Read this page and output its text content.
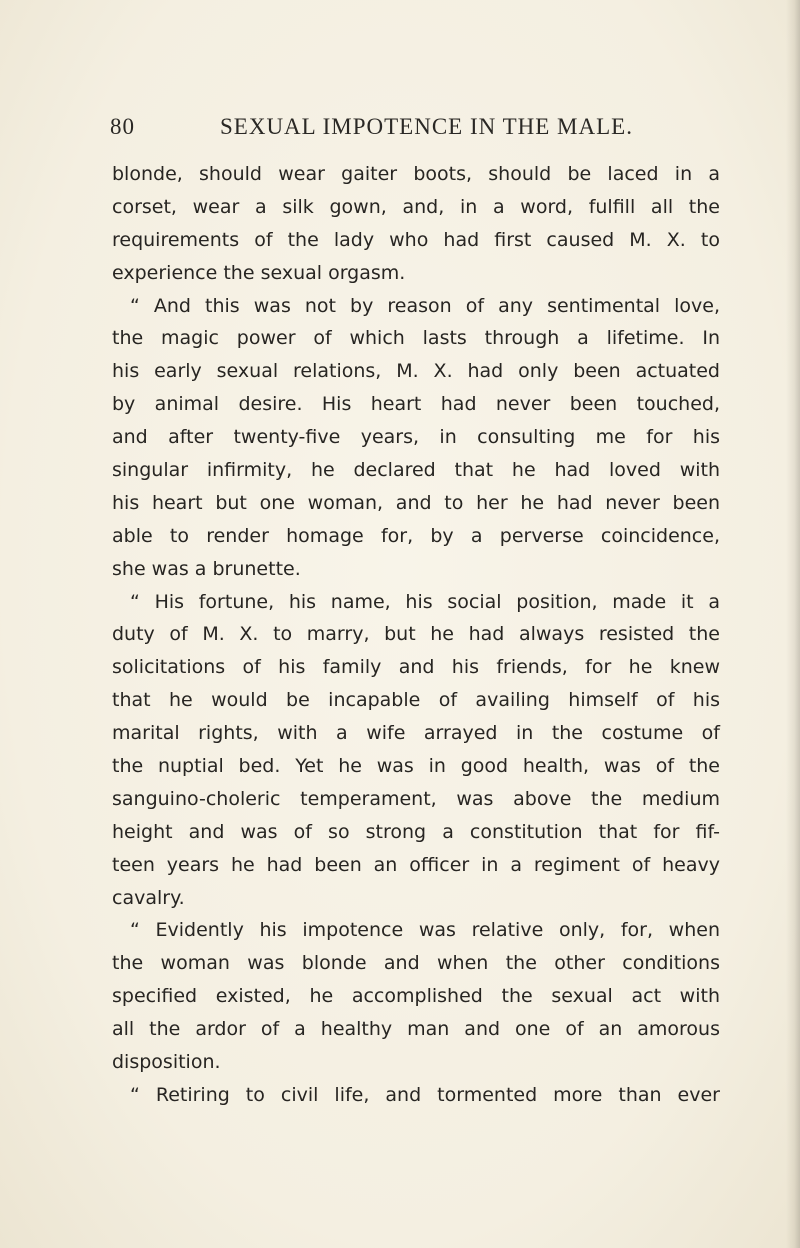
80	SEXUAL IMPOTENCE IN THE MALE.
blonde, should wear gaiter boots, should be laced in a
corset, wear a silk gown, and, in a word, fulfill all the
requirements of the lady who had first caused M. X. to
experience the sexual orgasm.
“ And this was not by reason of any sentimental love,
the magic power of which lasts through a lifetime. In
his early sexual relations, M. X. had only been actuated
by animal desire. His heart had never been touched,
and after twenty-five years, in consulting me for his
singular infirmity, he declared that he had loved with
his heart but one woman, and to her he had never been
able to render homage for, by a perverse coincidence,
she was a brunette.
“ His fortune, his name, his social position, made it a
duty of M. X. to marry, but he had always resisted the
solicitations of his family and his friends, for he knew
that he would be incapable of availing himself of his
marital rights, with a wife arrayed in the costume of
the nuptial bed. Yet he was in good health, was of the
sanguino-choleric temperament, was above the medium
height and was of so strong a constitution that for fif-
teen years he had been an officer in a regiment of heavy
cavalry.
“ Evidently his impotence was relative only, for, when
the woman was blonde and when the other conditions
specified existed, he accomplished the sexual act with
all the ardor of a healthy man and one of an amorous
disposition.
“ Retiring to civil life, and tormented more than ever
